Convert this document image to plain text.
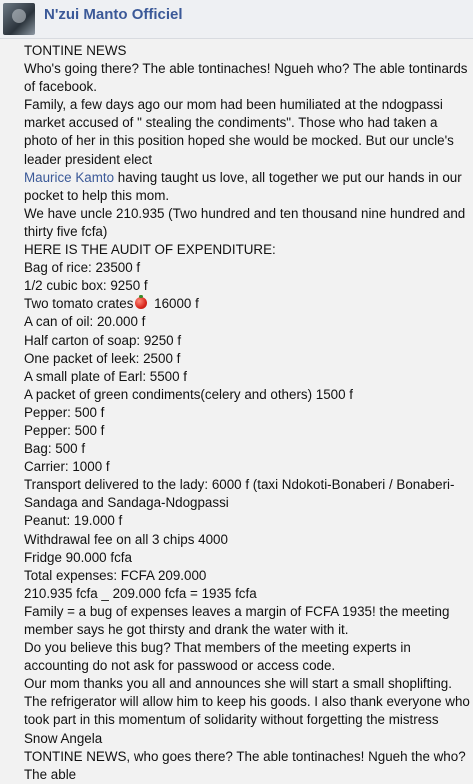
N'zui Manto Officiel

TONTINE NEWS

Who's going there? The able tontinaches! Ngueh who? The able tontinards of facebook.

Family, a few days ago our mom had been humiliated at the ndogpassi market accused of " stealing the condiments". Those who had taken a photo of her in this position hoped she would be mocked. But our uncle's leader president elect
Maurice Kamto having taught us love, all together we put our hands in our pocket to help this mom.

We have uncle 210.935 (Two hundred and ten thousand nine hundred and thirty five fcfa)

HERE IS THE AUDIT OF EXPENDITURE:

Bag of rice: 23500 f

1/2 cubic box: 9250 f

Two tomato crates 16000 f

A can of oil: 20.000 f

Half carton of soap: 9250 f

One packet of leek: 2500 f

A small plate of Earl: 5500 f

A packet of green condiments(celery and others) 1500 f

Pepper: 500 f

Pepper: 500 f

Bag: 500 f

Carrier: 1000 f

Transport delivered to the lady: 6000 f (taxi Ndokoti-Bonaberi / Bonaberi-Sandaga and Sandaga-Ndogpassi

Peanut: 19.000 f

Withdrawal fee on all 3 chips 4000

Fridge 90.000 fcfa

Total expenses: FCFA 209.000

210.935 fcfa _ 209.000 fcfa = 1935 fcfa

Family = a bug of expenses leaves a margin of FCFA 1935! the meeting member says he got thirsty and drank the water with it.

Do you believe this bug? That members of the meeting experts in accounting do not ask for passwood or access code.

Our mom thanks you all and announces she will start a small shoplifting. The refrigerator will allow him to keep his goods. I also thank everyone who took part in this momentum of solidarity without forgetting the mistress Snow Angela

TONTINE NEWS, who goes there? The able tontinaches! Ngueh the who? The able
